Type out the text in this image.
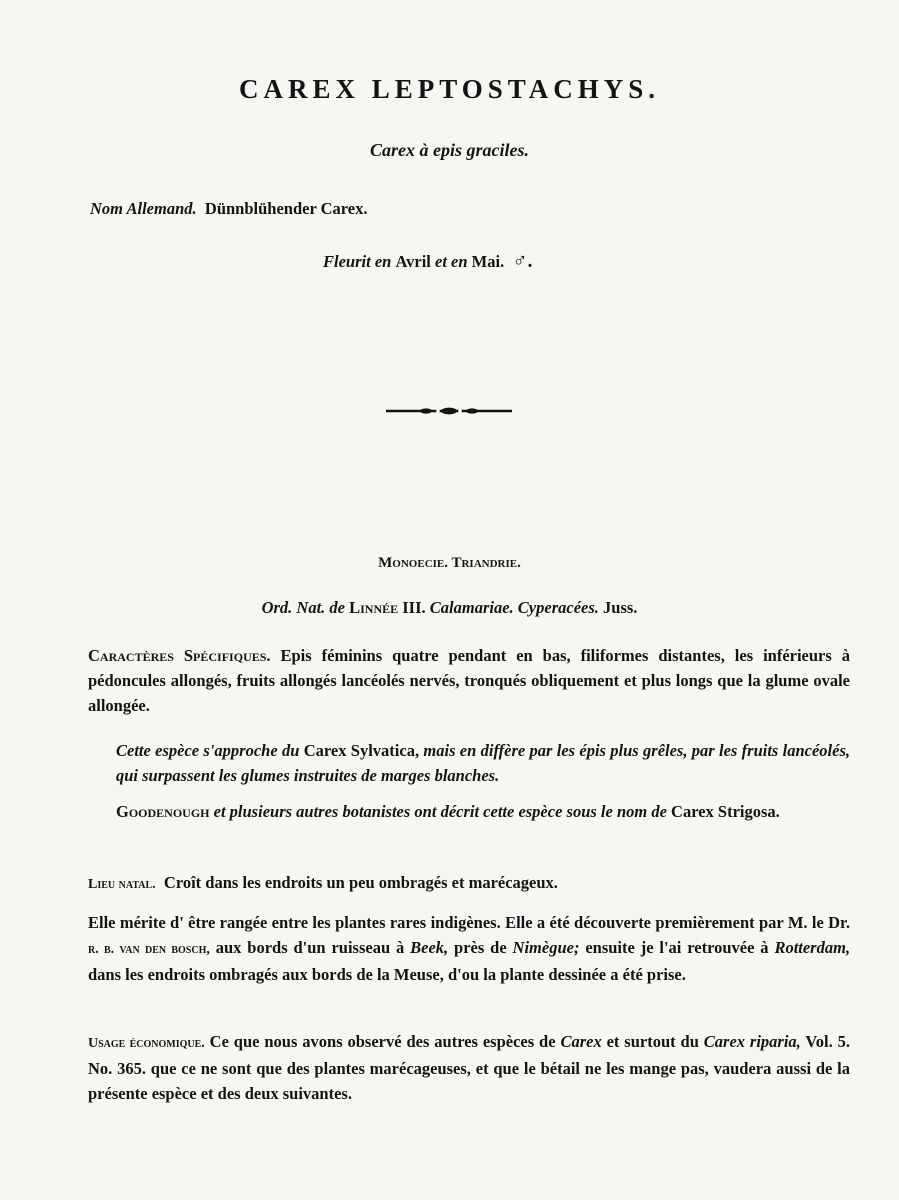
CAREX LEPTOSTACHYS.
Carex à epis graciles.
Nom Allemand. Dünnblühender Carex.
Fleurit en Avril et en Mai. ♂.
Monoecie. Triandrie.
Ord. Nat. de Linnée III. Calamariae. Cyperacées. Juss.
Caractères Spécifiques. Epis féminins quatre pendant en bas, filiformes distantes, les inférieurs à pédoncules allongés, fruits allongés lancéolés nervés, tronqués obliquement et plus longs que la glume ovale allongée.
Cette espèce s'approche du Carex Sylvatica, mais en diffère par les épis plus grêles, par les fruits lancéolés, qui surpassent les glumes instruites de marges blanches.
Goodenough et plusieurs autres botanistes ont décrit cette espèce sous le nom de Carex Strigosa.
Lieu natal. Croît dans les endroits un peu ombragés et marécageux.
Elle mérite d' être rangée entre les plantes rares indigènes. Elle a été découverte premièrement par M. le Dr. r. b. van den bosch, aux bords d'un ruisseau à Beek, près de Nimègue; ensuite je l'ai retrouvée à Rotterdam, dans les endroits ombragés aux bords de la Meuse, d'ou la plante dessinée a été prise.
Usage économique. Ce que nous avons observé des autres espèces de Carex et surtout du Carex riparia, Vol. 5. No. 365. que ce ne sont que des plantes marécageuses, et que le bétail ne les mange pas, vaudera aussi de la présente espèce et des deux suivantes.
